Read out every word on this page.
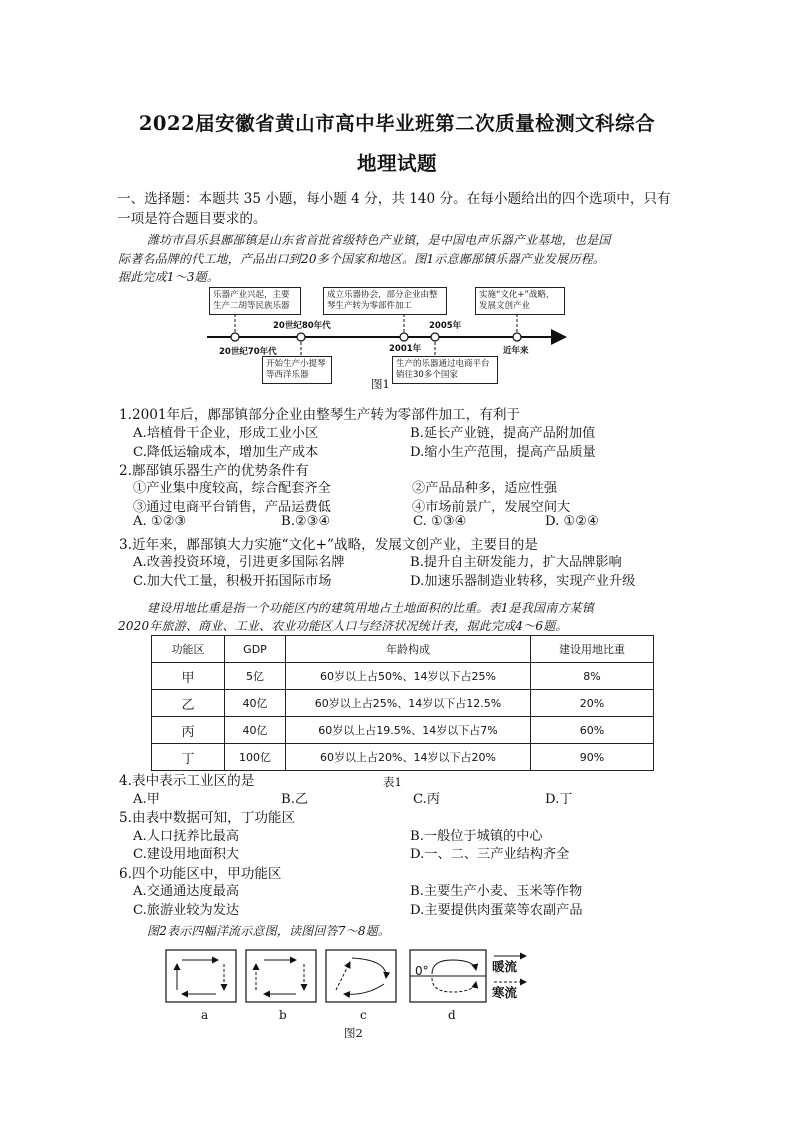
2022届安徽省黄山市高中毕业班第二次质量检测文科综合
地理试题
一、选择题：本题共 35 小题，每小题 4 分，共 140 分。在每小题给出的四个选项中，只有
一项是符合题目要求的。
潍坊市昌乐县鄌郚镇是山东省首批省级特色产业镇，是中国电声乐器产业基地，也是国
际著名品牌的代工地，产品出口到20多个国家和地区。图1示意鄌郚镇乐器产业发展历程。
据此完成1～3题。
乐器产业兴起，主要生产二胡等民族乐器
成立乐器协会，部分企业由整琴生产转为零部件加工
实施“文化+”战略，发展文创产业
开始生产小提琴等西洋乐器
生产的乐器通过电商平台销往30多个国家
20世纪70年代
20世纪80年代
2001年
2005年
近年来
图1
1.2001年后，鄌郚镇部分企业由整琴生产转为零部件加工，有利于
A.培植骨干企业，形成工业小区	B.延长产业链，提高产品附加值
C.降低运输成本，增加生产成本	D.缩小生产范围，提高产品质量
2.鄌郚镇乐器生产的优势条件有
①产业集中度较高，综合配套齐全	②产品品种多，适应性强
③通过电商平台销售，产品运费低	④市场前景广，发展空间大
A. ①②③	B.②③④	C. ①③④	D. ①②④
3.近年来，鄌郚镇大力实施“文化+”战略，发展文创产业，主要目的是
A.改善投资环境，引进更多国际名牌	B.提升自主研发能力，扩大品牌影响
C.加大代工量，积极开拓国际市场	D.加速乐器制造业转移，实现产业升级
建设用地比重是指一个功能区内的建筑用地占土地面积的比重。表1是我国南方某镇
2020年旅游、商业、工业、农业功能区人口与经济状况统计表，据此完成4～6题。
功能区	GDP	年龄构成	建设用地比重
甲	5亿	60岁以上占50%、14岁以下占25%	8%
乙	40亿	60岁以上占25%、14岁以下占12.5%	20%
丙	40亿	60岁以上占19.5%、14岁以下占7%	60%
丁	100亿	60岁以上占20%、14岁以下占20%	90%
4.表中表示工业区的是	表1
A.甲	B.乙	C.丙	D.丁
5.由表中数据可知，丁功能区
A.人口抚养比最高	B.一般位于城镇的中心
C.建设用地面积大	D.一、二、三产业结构齐全
6.四个功能区中，甲功能区
A.交通通达度最高	B.主要生产小麦、玉米等作物
C.旅游业较为发达	D.主要提供肉蛋菜等农副产品
图2表示四幅洋流示意图，读图回答7～8题。
0°	暖流
寒流
a	b	c	d
图2
